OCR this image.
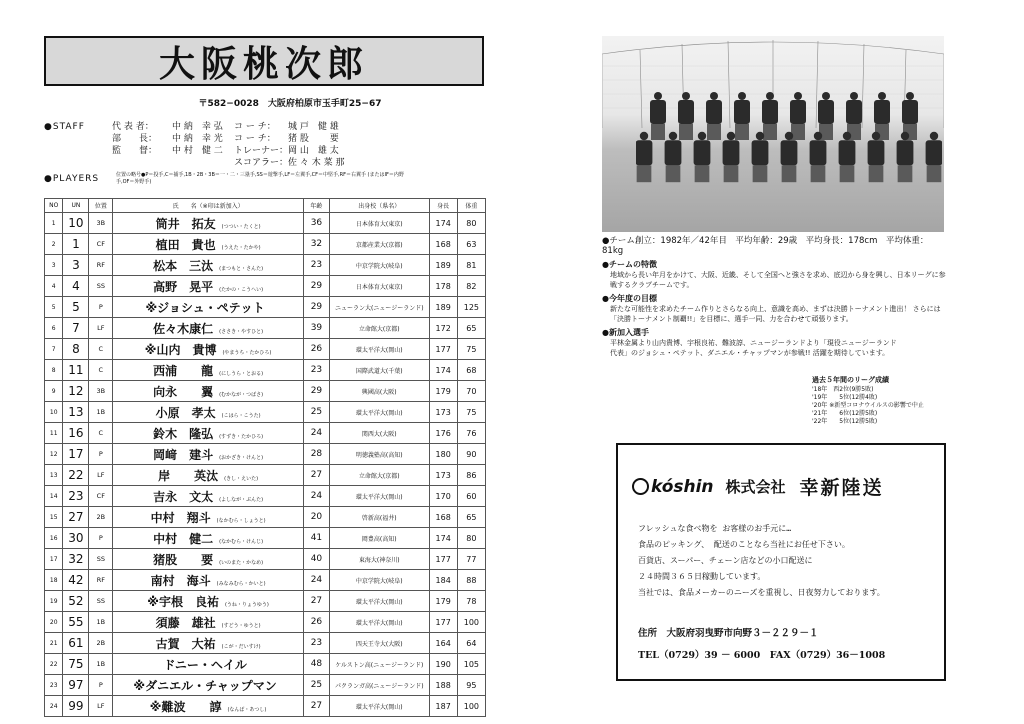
大阪桃次郎
〒582−0028　大阪府柏原市玉手町25−67
●STAFF	代 表 者：	中 納　幸 弘	コ ー チ：	城 戸　健 雄
部　　長：	中 納　幸 光	コ ー チ：	猪 股　　 要
監　　督：	中 村　健 二	トレーナー： 岡 山　雄 太
スコアラー： 佐 々 木 菜 那
●PLAYERS	位置の略号●P＝投手,C＝捕手,1B・2B・3B＝一・二・三塁手,SS＝遊撃手,LF＝左翼手,CF＝中堅手,RF＝右翼手 (またはIF＝内野手,OF＝外野手)
NO	UN	位置	氏　　名（※印は新加入）	年齢	出身校（県名）	身長	体重
1	10	3B	筒井　拓友 (つつい・たくと)	36	日本体育大(東京)	174	80
2	1	CF	植田　貴也 (うえた・たかや)	32	京都産業大(京都)	168	63
3	3	RF	松本　三汰 (まつもと・さんた)	23	中京学院大(岐阜)	189	81
4	4	SS	高野　晃平 (たかの・こうへい)	29	日本体育大(東京)	178	82
5	5	P	※ジョシュ・ペテット	29	ニューラン大(ニュージーランド)	189	125
6	7	LF	佐々木康仁 (ささき・やすひと)	39	立命館大(京都)	172	65
7	8	C	※山内　貴博 (やまうち・たかひろ)	26	環太平洋大(岡山)	177	75
8	11	C	西浦　　龍 (にしうら・とおる)	23	国際武道大(千葉)	174	68
9	12	3B	向永　　翼 (むかなが・つばさ)	29	興國高(大阪)	179	70
10	13	1B	小原　孝太 (こはら・こうた)	25	環太平洋大(岡山)	173	75
11	16	C	鈴木　隆弘 (すずき・たかひろ)	24	関西大(大阪)	176	76
12	17	P	岡﨑　建斗 (おかざき・けんと)	28	明徳義塾高(高知)	180	90
13	22	LF	岸　　英汰 (きし・えいた)	27	立命館大(京都)	173	86
14	23	CF	吉永　文太 (よしなが・ぶんた)	24	環太平洋大(岡山)	170	60
15	27	2B	中村　翔斗 (なかむら・しょうと)	20	啓新高(福井)	168	65
16	30	P	中村　健二 (なかむら・けんじ)	41	岡豊高(高知)	174	80
17	32	SS	猪股　　要 (いのまた・かなめ)	40	東海大(神奈川)	177	77
18	42	RF	南村　海斗 (みなみむら・かいと)	24	中京学院大(岐阜)	184	88
19	52	SS	※宇根　良祐 (うね・りょうゆう)	27	環太平洋大(岡山)	179	78
20	55	1B	須藤　雄社 (すどう・ゆうと)	26	環太平洋大(岡山)	177	100
21	61	2B	古賀　大祐 (こが・だいすけ)	23	四天王寺大(大阪)	164	64
22	75	1B	ドニー・ヘイル	48	ケルストン高(ニュージーランド)	190	105
23	97	P	※ダニエル・チャップマン	25	パクランガ高(ニュージーランド)	188	95
24	99	LF	※難波　　諄 (なんば・あつし)	27	環太平洋大(岡山)	187	100
●チーム創立：1982年／42年目　平均年齢：29歳　平均身長：178cm　平均体重：81kg
●チームの特徴
地域から長い年月をかけて、大阪、近畿、そして全国へと強さを求め、底辺から身を興し、日本リーグに参戦するクラブチームです。
●今年度の目標
新たな可能性を求めたチーム作りとさらなる向上、意識を高め、まずは決勝トーナメント進出！ さらには「決勝トーナメント制覇!!」を目標に、選手一同、力を合わせて頑張ります。
●新加入選手
平林金属より山内貴博、宇根良祐、難波諄、ニュージーランドより「現役ニュージーランド代表」のジョシュ・ペテット、ダニエル・チャップマンが参戦!! 活躍を期待しています。
過去５年間のリーグ成績
'18年　西2位(9勝5敗)
'19年　　5位(12勝4敗)
'20年 ※新型コロナウイルスの影響で中止
'21年　　6位(12勝5敗)
'22年　　5位(12勝5敗)
kóshin 株式会社 幸新陸送
フレッシュな食べ物を お客様のお手元に…
食品のピッキング、 配送のことなら当社にお任せ下さい。
百貨店、スーパー、チェーン店などの小口配送に
２４時間３６５日稼動しています。
当社では、食品メーカーのニーズを重視し、日夜努力しております。
住所　大阪府羽曳野市向野３－２２９－１
TEL（0729）39 － 6000　FAX（0729）36－1008
